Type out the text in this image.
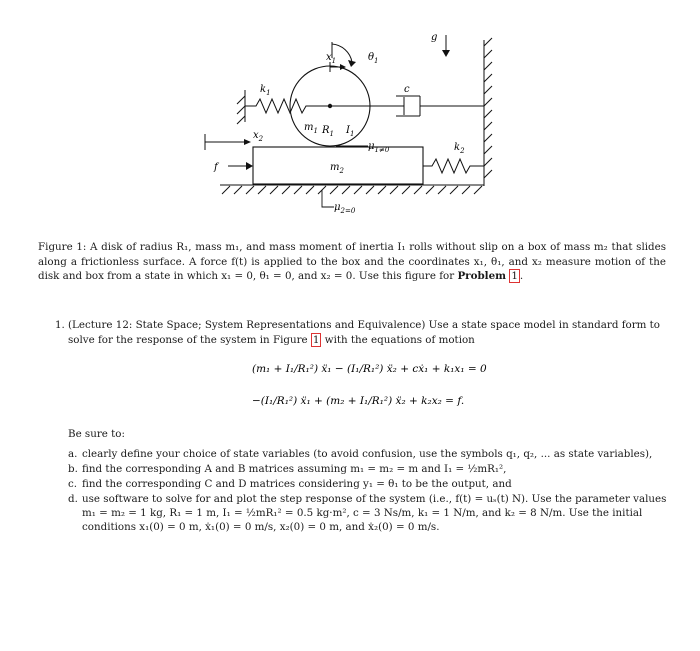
g
$k_1$
$m_1$ $R_1$ $I_1$
$x_1$	$\theta_1$
c
$\mu_{1\ne 0}$
$m_2$
$x_2$
f
$k_2$
$\mu_{2=0}$
Figure 1: A disk of radius R₁, mass m₁, and mass moment of inertia I₁ rolls without slip on a box of mass m₂ that slides along a frictionless surface. A force f(t) is applied to the box and the coordinates x₁, θ₁, and x₂ measure motion of the disk and box from a state in which x₁ = 0, θ₁ = 0, and x₂ = 0. Use this figure for Problem 1 .
1. (Lecture 12: State Space; System Representations and Equivalence) Use a state space model in standard form to solve for the response of the system in Figure 1 with the equations of motion
(m₁ + I₁/R₁²) ẍ₁ − (I₁/R₁²) ẍ₂ + cẋ₁ + k₁x₁ = 0
−(I₁/R₁²) ẍ₁ + (m₂ + I₁/R₁²) ẍ₂ + k₂x₂ = f.
Be sure to:
a. clearly define your choice of state variables (to avoid confusion, use the symbols q₁, q₂, ... as state variables),
b. find the corresponding A and B matrices assuming m₁ = m₂ = m and I₁ = ½mR₁²,
c. find the corresponding C and D matrices considering y₁ = θ₁ to be the output, and
d. use software to solve for and plot the step response of the system (i.e., f(t) = uₛ(t) N). Use the parameter values m₁ = m₂ = 1 kg, R₁ = 1 m, I₁ = ½mR₁² = 0.5 kg·m², c = 3 Ns/m, k₁ = 1 N/m, and k₂ = 8 N/m. Use the initial conditions x₁(0) = 0 m, ẋ₁(0) = 0 m/s, x₂(0) = 0 m, and ẋ₂(0) = 0 m/s.
